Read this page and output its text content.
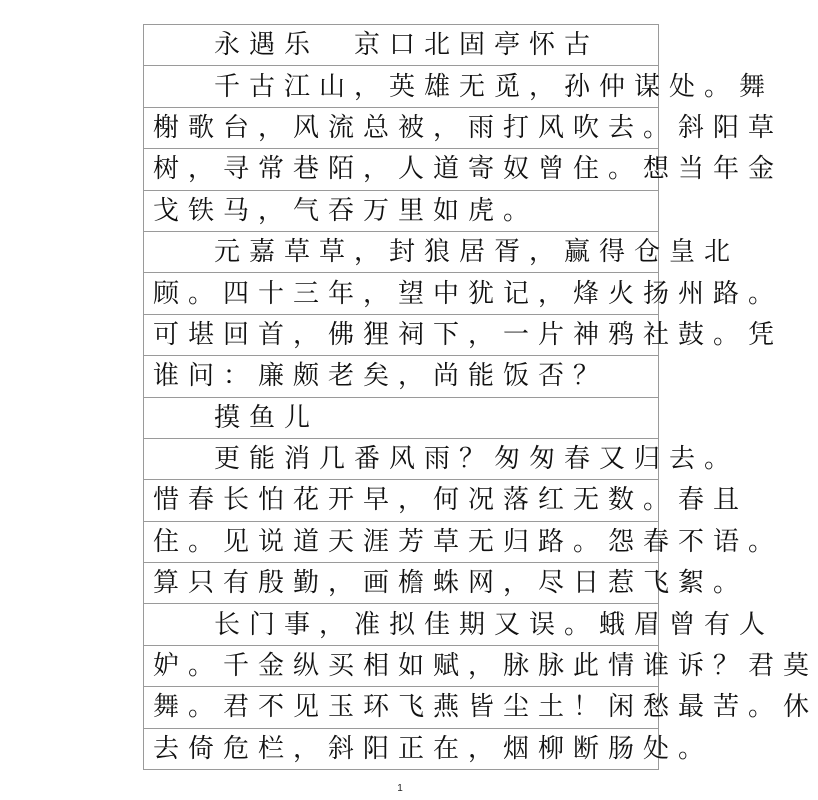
永遇乐　京口北固亭怀古
千古江山，英雄无觅，孙仲谋处。舞
榭歌台，风流总被，雨打风吹去。斜阳草
树，寻常巷陌，人道寄奴曾住。想当年金
戈铁马，气吞万里如虎。
元嘉草草，封狼居胥，赢得仓皇北
顾。四十三年，望中犹记，烽火扬州路。
可堪回首，佛狸祠下，一片神鸦社鼓。凭
谁问：廉颇老矣，尚能饭否？
摸鱼儿
更能消几番风雨？匆匆春又归去。
惜春长怕花开早，何况落红无数。春且
住。见说道天涯芳草无归路。怨春不语。
算只有殷勤，画檐蛛网，尽日惹飞絮。
长门事，准拟佳期又误。蛾眉曾有人
妒。千金纵买相如赋，脉脉此情谁诉？君莫
舞。君不见玉环飞燕皆尘土！闲愁最苦。休
去倚危栏，斜阳正在，烟柳断肠处。
1
